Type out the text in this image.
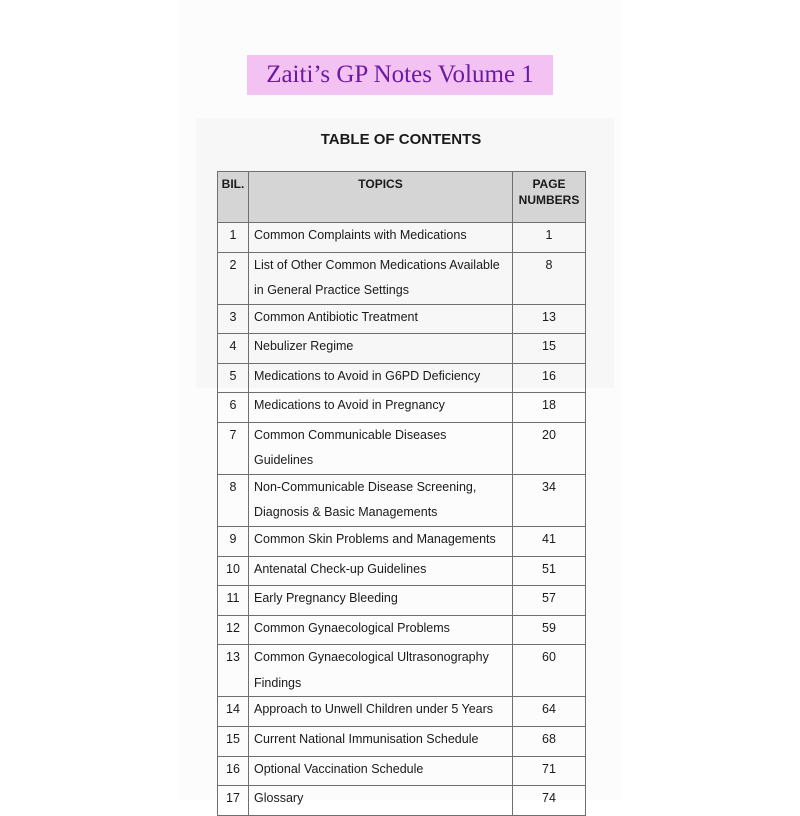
Zaiti’s GP Notes Volume 1
TABLE OF CONTENTS
BIL.	TOPICS	PAGE NUMBERS
1	Common Complaints with Medications	1
2	List of Other Common Medications Available in General Practice Settings	8
3	Common Antibiotic Treatment	13
4	Nebulizer Regime	15
5	Medications to Avoid in G6PD Deficiency	16
6	Medications to Avoid in Pregnancy	18
7	Common Communicable Diseases Guidelines	20
8	Non-Communicable Disease Screening, Diagnosis & Basic Managements	34
9	Common Skin Problems and Managements	41
10	Antenatal Check-up Guidelines	51
11	Early Pregnancy Bleeding	57
12	Common Gynaecological Problems	59
13	Common Gynaecological Ultrasonography Findings	60
14	Approach to Unwell Children under 5 Years	64
15	Current National Immunisation Schedule	68
16	Optional Vaccination Schedule	71
17	Glossary	74
